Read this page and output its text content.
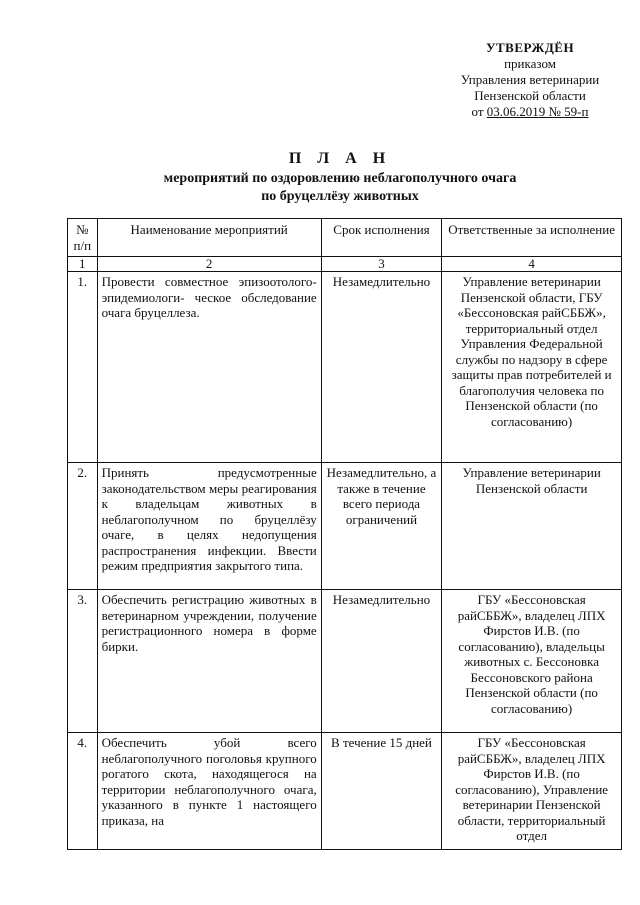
УТВЕРЖДЁН
приказом
Управления ветеринарии
Пензенской области
от 03.06.2019 № 59-п
П Л А Н
мероприятий по оздоровлению неблагополучного очага
по бруцеллёзу животных
№ п/п	Наименование мероприятий	Срок исполнения	Ответственные за исполнение
1	2	3	4
1.	Провести совместное эпизоотолого-эпидемиологи- ческое обследование очага бруцеллеза.	Незамедлительно	Управление ветеринарии Пензенской области, ГБУ «Бессоновская райСББЖ», территориальный отдел Управления Федеральной службы по надзору в сфере защиты прав потребителей и благополучия человека по Пензенской области (по согласованию)
2.	Принять предусмотренные законодательством меры реагирования к владельцам животных в неблагополучном по бруцеллёзу очаге, в целях недопущения распространения инфекции. Ввести режим предприятия закрытого типа.	Незамедлительно, а также в течение всего периода ограничений	Управление ветеринарии Пензенской области
3.	Обеспечить регистрацию животных в ветеринарном учреждении, получение регистрационного номера в форме бирки.	Незамедлительно	ГБУ «Бессоновская райСББЖ», владелец ЛПХ Фирстов И.В. (по согласованию), владельцы животных с. Бессоновка Бессоновского района Пензенской области (по согласованию)
4.	Обеспечить убой всего неблагополучного поголовья крупного рогатого скота, находящегося на территории неблагополучного очага, указанного в пункте 1 настоящего приказа, на	В течение 15 дней	ГБУ «Бессоновская райСББЖ», владелец ЛПХ Фирстов И.В. (по согласованию), Управление ветеринарии Пензенской области, территориальный отдел
